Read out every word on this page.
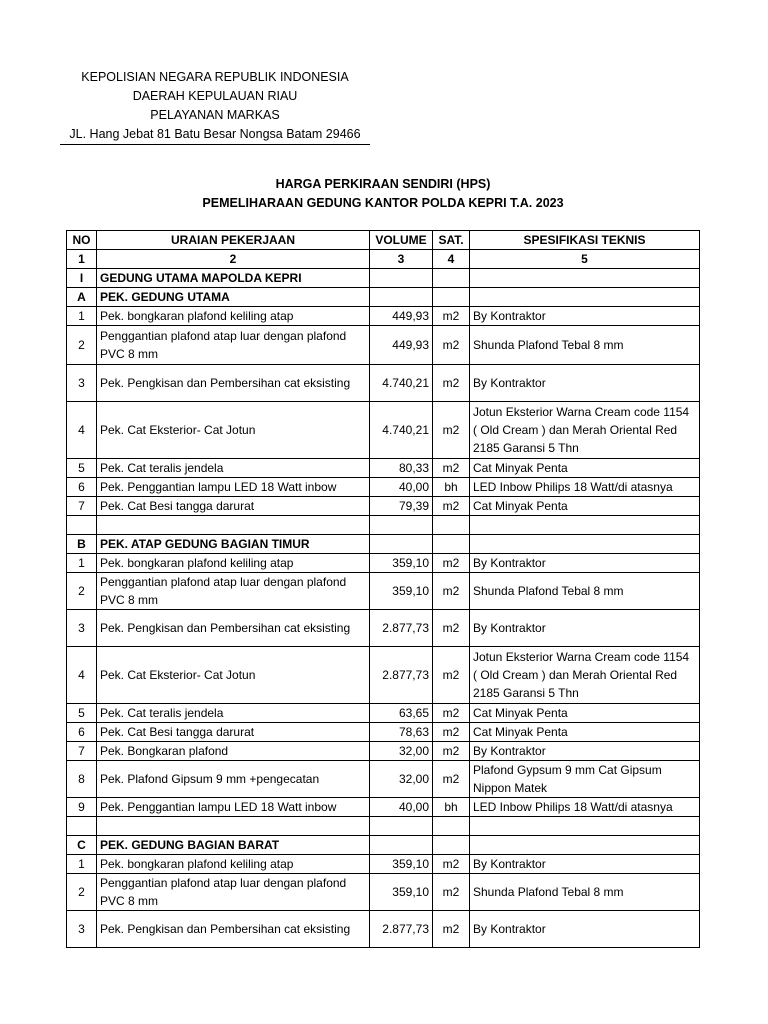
KEPOLISIAN NEGARA REPUBLIK INDONESIA
DAERAH KEPULAUAN RIAU
PELAYANAN MARKAS
JL. Hang Jebat 81 Batu Besar Nongsa Batam 29466
HARGA PERKIRAAN SENDIRI (HPS)
PEMELIHARAAN GEDUNG KANTOR POLDA KEPRI T.A. 2023
NO	URAIAN PEKERJAAN	VOLUME	SAT.	SPESIFIKASI TEKNIS
1	2	3	4	5
I	GEDUNG UTAMA MAPOLDA KEPRI			
A	PEK. GEDUNG UTAMA			
1	Pek. bongkaran plafond keliling atap	449,93	m2	By Kontraktor
2	Penggantian plafond atap luar dengan plafond PVC 8 mm	449,93	m2	Shunda Plafond Tebal 8 mm
3	Pek. Pengkisan dan Pembersihan cat eksisting	4.740,21	m2	By Kontraktor
4	Pek. Cat Eksterior- Cat Jotun	4.740,21	m2	Jotun Eksterior Warna Cream code 1154 ( Old Cream ) dan Merah Oriental Red 2185 Garansi 5 Thn
5	Pek. Cat teralis jendela	80,33	m2	Cat Minyak Penta
6	Pek. Penggantian lampu LED 18 Watt inbow	40,00	bh	LED Inbow Philips 18 Watt/di atasnya
7	Pek. Cat Besi tangga darurat	79,39	m2	Cat Minyak Penta

B	PEK. ATAP GEDUNG BAGIAN TIMUR			
1	Pek. bongkaran plafond keliling atap	359,10	m2	By Kontraktor
2	Penggantian plafond atap luar dengan plafond PVC 8 mm	359,10	m2	Shunda Plafond Tebal 8 mm
3	Pek. Pengkisan dan Pembersihan cat eksisting	2.877,73	m2	By Kontraktor
4	Pek. Cat Eksterior- Cat Jotun	2.877,73	m2	Jotun Eksterior Warna Cream code 1154 ( Old Cream ) dan Merah Oriental Red 2185 Garansi 5 Thn
5	Pek. Cat teralis jendela	63,65	m2	Cat Minyak Penta
6	Pek. Cat Besi tangga darurat	78,63	m2	Cat Minyak Penta
7	Pek. Bongkaran plafond	32,00	m2	By Kontraktor
8	Pek. Plafond Gipsum 9 mm +pengecatan	32,00	m2	Plafond Gypsum 9 mm Cat Gipsum Nippon Matek
9	Pek. Penggantian lampu LED 18 Watt inbow	40,00	bh	LED Inbow Philips 18 Watt/di atasnya

C	PEK. GEDUNG BAGIAN BARAT			
1	Pek. bongkaran plafond keliling atap	359,10	m2	By Kontraktor
2	Penggantian plafond atap luar dengan plafond PVC 8 mm	359,10	m2	Shunda Plafond Tebal 8 mm
3	Pek. Pengkisan dan Pembersihan cat eksisting	2.877,73	m2	By Kontraktor
